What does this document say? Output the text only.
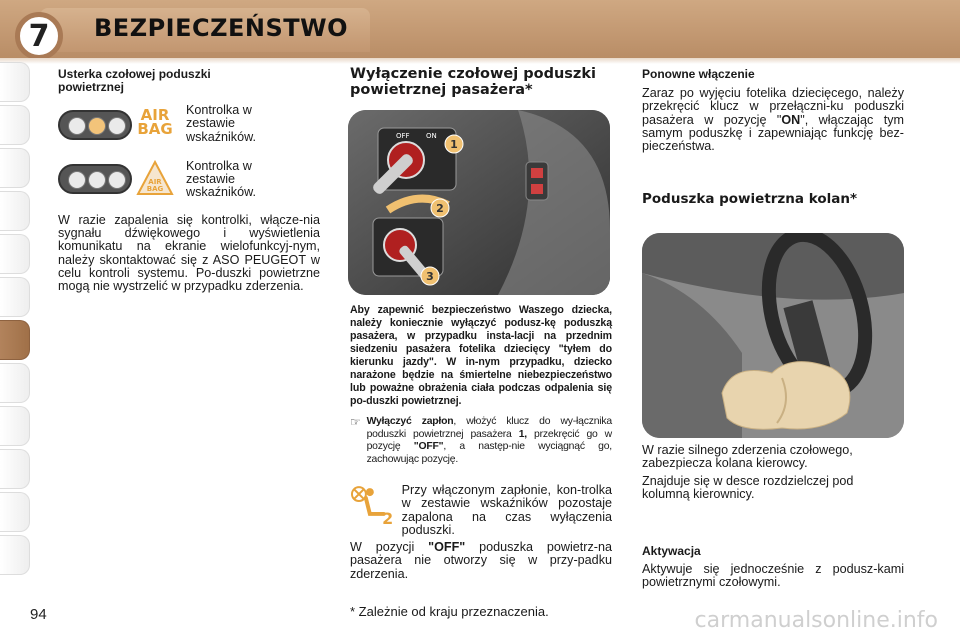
7	BEZPIECZEŃSTWO
Usterka czołowej poduszki powietrznej
AIR
BAG
Kontrolka w zestawie wskaźników.
AIR
BAG
Kontrolka w zestawie wskaźników.
W razie zapalenia się kontrolki, włącze-nia sygnału dźwiękowego i wyświetlenia komunikatu na ekranie wielofunkcyj-nym, należy skontaktować się z ASO PEUGEOT w celu kontroli systemu. Po-duszki powietrzne mogą nie wystrzelić w przypadku zderzenia.
Wyłączenie czołowej poduszki powietrznej pasażera*
OFF ON
1
2
3
Aby zapewnić bezpieczeństwo Waszego dziecka, należy koniecznie wyłączyć podusz-kę poduszką pasażera, w przypadku insta-lacji na przednim siedzeniu pasażera fotelika dziecięcy "tyłem do kierunku jazdy". W in-nym przypadku, dziecko narażone będzie na śmiertelne niebezpieczeństwo lub poważne obrażenia ciała podczas odpalenia się po-duszki powietrznej.
☞ Wyłączyć zapłon, włożyć klucz do wy-łącznika poduszki powietrznej pasażera 1, przekręcić go w pozycję "OFF", a następ-nie wyciągnąć go, zachowując pozycję.
2
Przy włączonym zapłonie, kon-trolka w zestawie wskaźników pozostaje zapalona na czas wyłączenia poduszki.
W pozycji "OFF" poduszka powietrz-na pasażera nie otworzy się w przy-padku zderzenia.
* Zależnie od kraju przeznaczenia.
Ponowne włączenie
Zaraz po wyjęciu fotelika dziecięcego, należy przekręcić klucz w przełączni-ku poduszki pasażera w pozycję "ON", włączając tym samym poduszkę i zapewniając funkcję bez-pieczeństwa.
Poduszka powietrzna kolan*
W razie silnego zderzenia czołowego, zabezpiecza kolana kierowcy.
Znajduje się w desce rozdzielczej pod kolumną kierownicy.
Aktywacja
Aktywuje się jednocześnie z podusz-kami powietrznymi czołowymi.
94	carmanualsonline.info
